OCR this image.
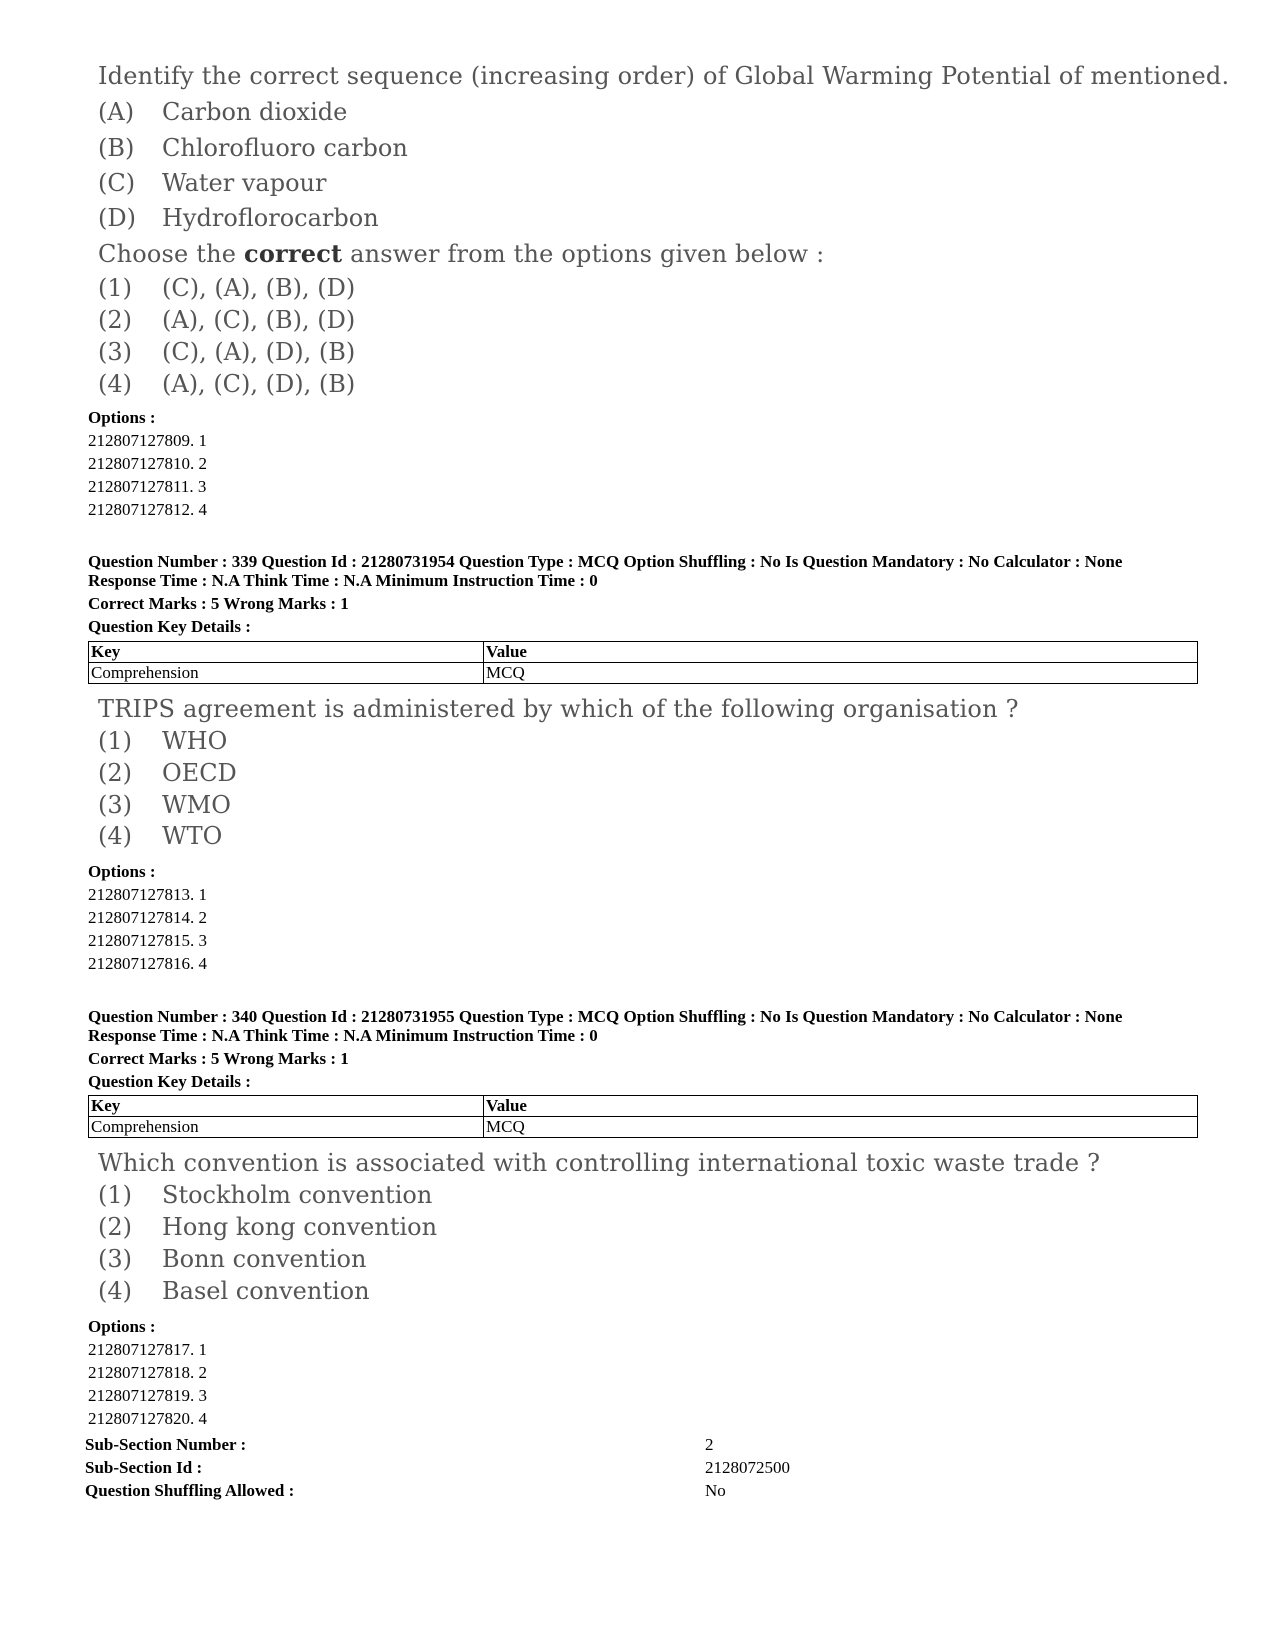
Identify the correct sequence (increasing order) of Global Warming Potential of mentioned.
(A) Carbon dioxide
(B) Chlorofluoro carbon
(C) Water vapour
(D) Hydroflorocarbon
Choose the correct answer from the options given below :
(1) (C), (A), (B), (D)
(2) (A), (C), (B), (D)
(3) (C), (A), (D), (B)
(4) (A), (C), (D), (B)
Options :
212807127809. 1
212807127810. 2
212807127811. 3
212807127812. 4
Question Number : 339 Question Id : 21280731954 Question Type : MCQ Option Shuffling : No Is Question Mandatory : No Calculator : None
Response Time : N.A Think Time : N.A Minimum Instruction Time : 0
Correct Marks : 5 Wrong Marks : 1
Question Key Details :
Key	Value
Comprehension	MCQ
TRIPS agreement is administered by which of the following organisation ?
(1) WHO
(2) OECD
(3) WMO
(4) WTO
Options :
212807127813. 1
212807127814. 2
212807127815. 3
212807127816. 4
Question Number : 340 Question Id : 21280731955 Question Type : MCQ Option Shuffling : No Is Question Mandatory : No Calculator : None
Response Time : N.A Think Time : N.A Minimum Instruction Time : 0
Correct Marks : 5 Wrong Marks : 1
Question Key Details :
Key	Value
Comprehension	MCQ
Which convention is associated with controlling international toxic waste trade ?
(1) Stockholm convention
(2) Hong kong convention
(3) Bonn convention
(4) Basel convention
Options :
212807127817. 1
212807127818. 2
212807127819. 3
212807127820. 4
Sub-Section Number :	2
Sub-Section Id :	2128072500
Question Shuffling Allowed :	No
